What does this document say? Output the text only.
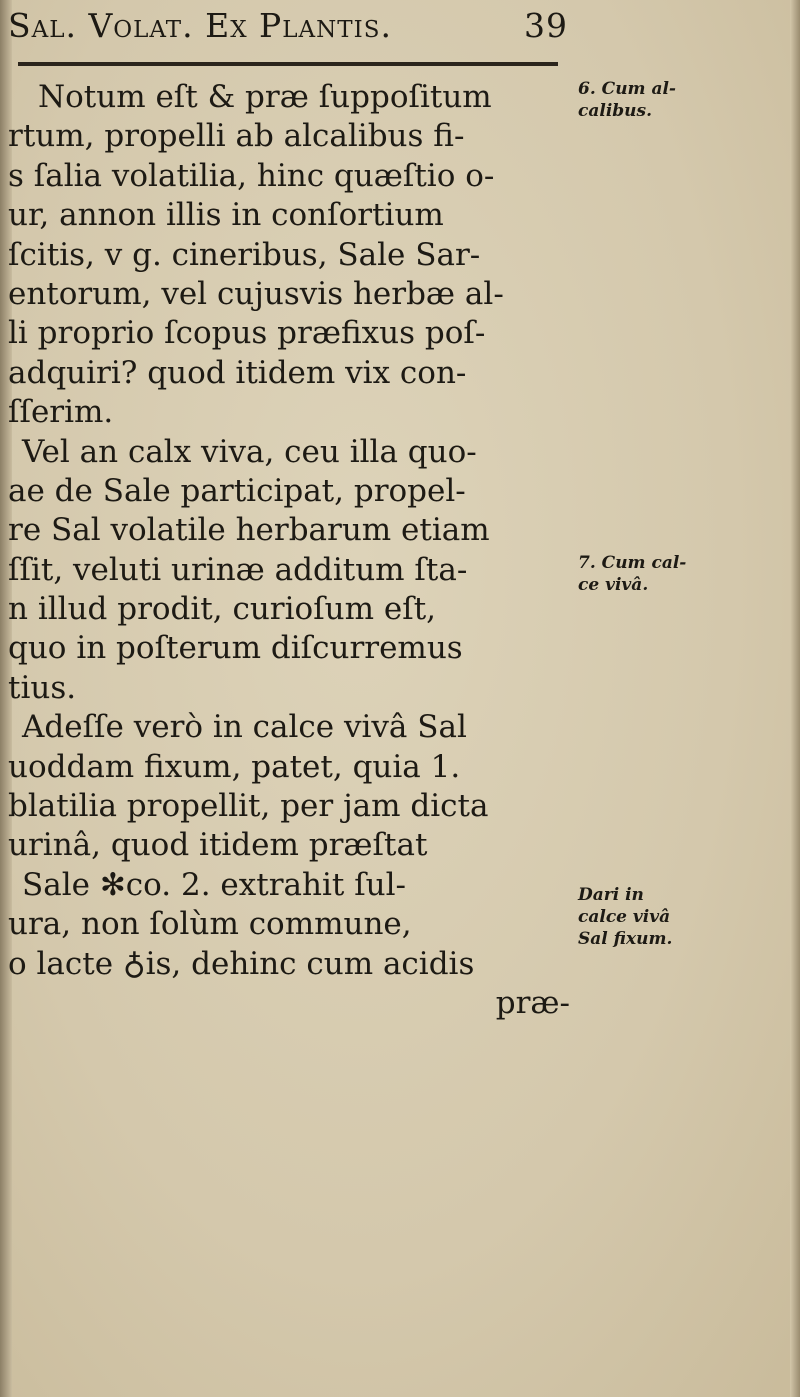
Sal. Volat. Ex Plantis.	39
Notum eſt & præ ſuppoſitum
rtum, propelli ab alcalibus fi-
s ſalia volatilia, hinc quæſtio o-
ur, annon illis in conſortium
ſcitis, v g. cineribus, Sale Sar-
entorum, vel cujusvis herbæ al-
li proprio ſcopus præfixus poſ-
adquiri? quod itidem vix con-
ſſerim.
Vel an calx viva, ceu illa quo-
ae de Sale participat, propel-
re Sal volatile herbarum etiam
ſſit, veluti urinæ additum ſta-
n illud prodit, curioſum eſt,
quo in poſterum diſcurremus
tius.
Adeſſe verò in calce vivâ Sal
uoddam fixum, patet, quia 1.
blatilia propellit, per jam dicta
urinâ, quod itidem præſtat
Sale ✻co. 2. extrahit ſul-
ura, non ſolùm commune,
o lacte ♁is, dehinc cum acidis
præ-
6. Cum al-
calibus.
7. Cum cal-
ce vivâ.
Dari in
calce vivâ
Sal fixum.
